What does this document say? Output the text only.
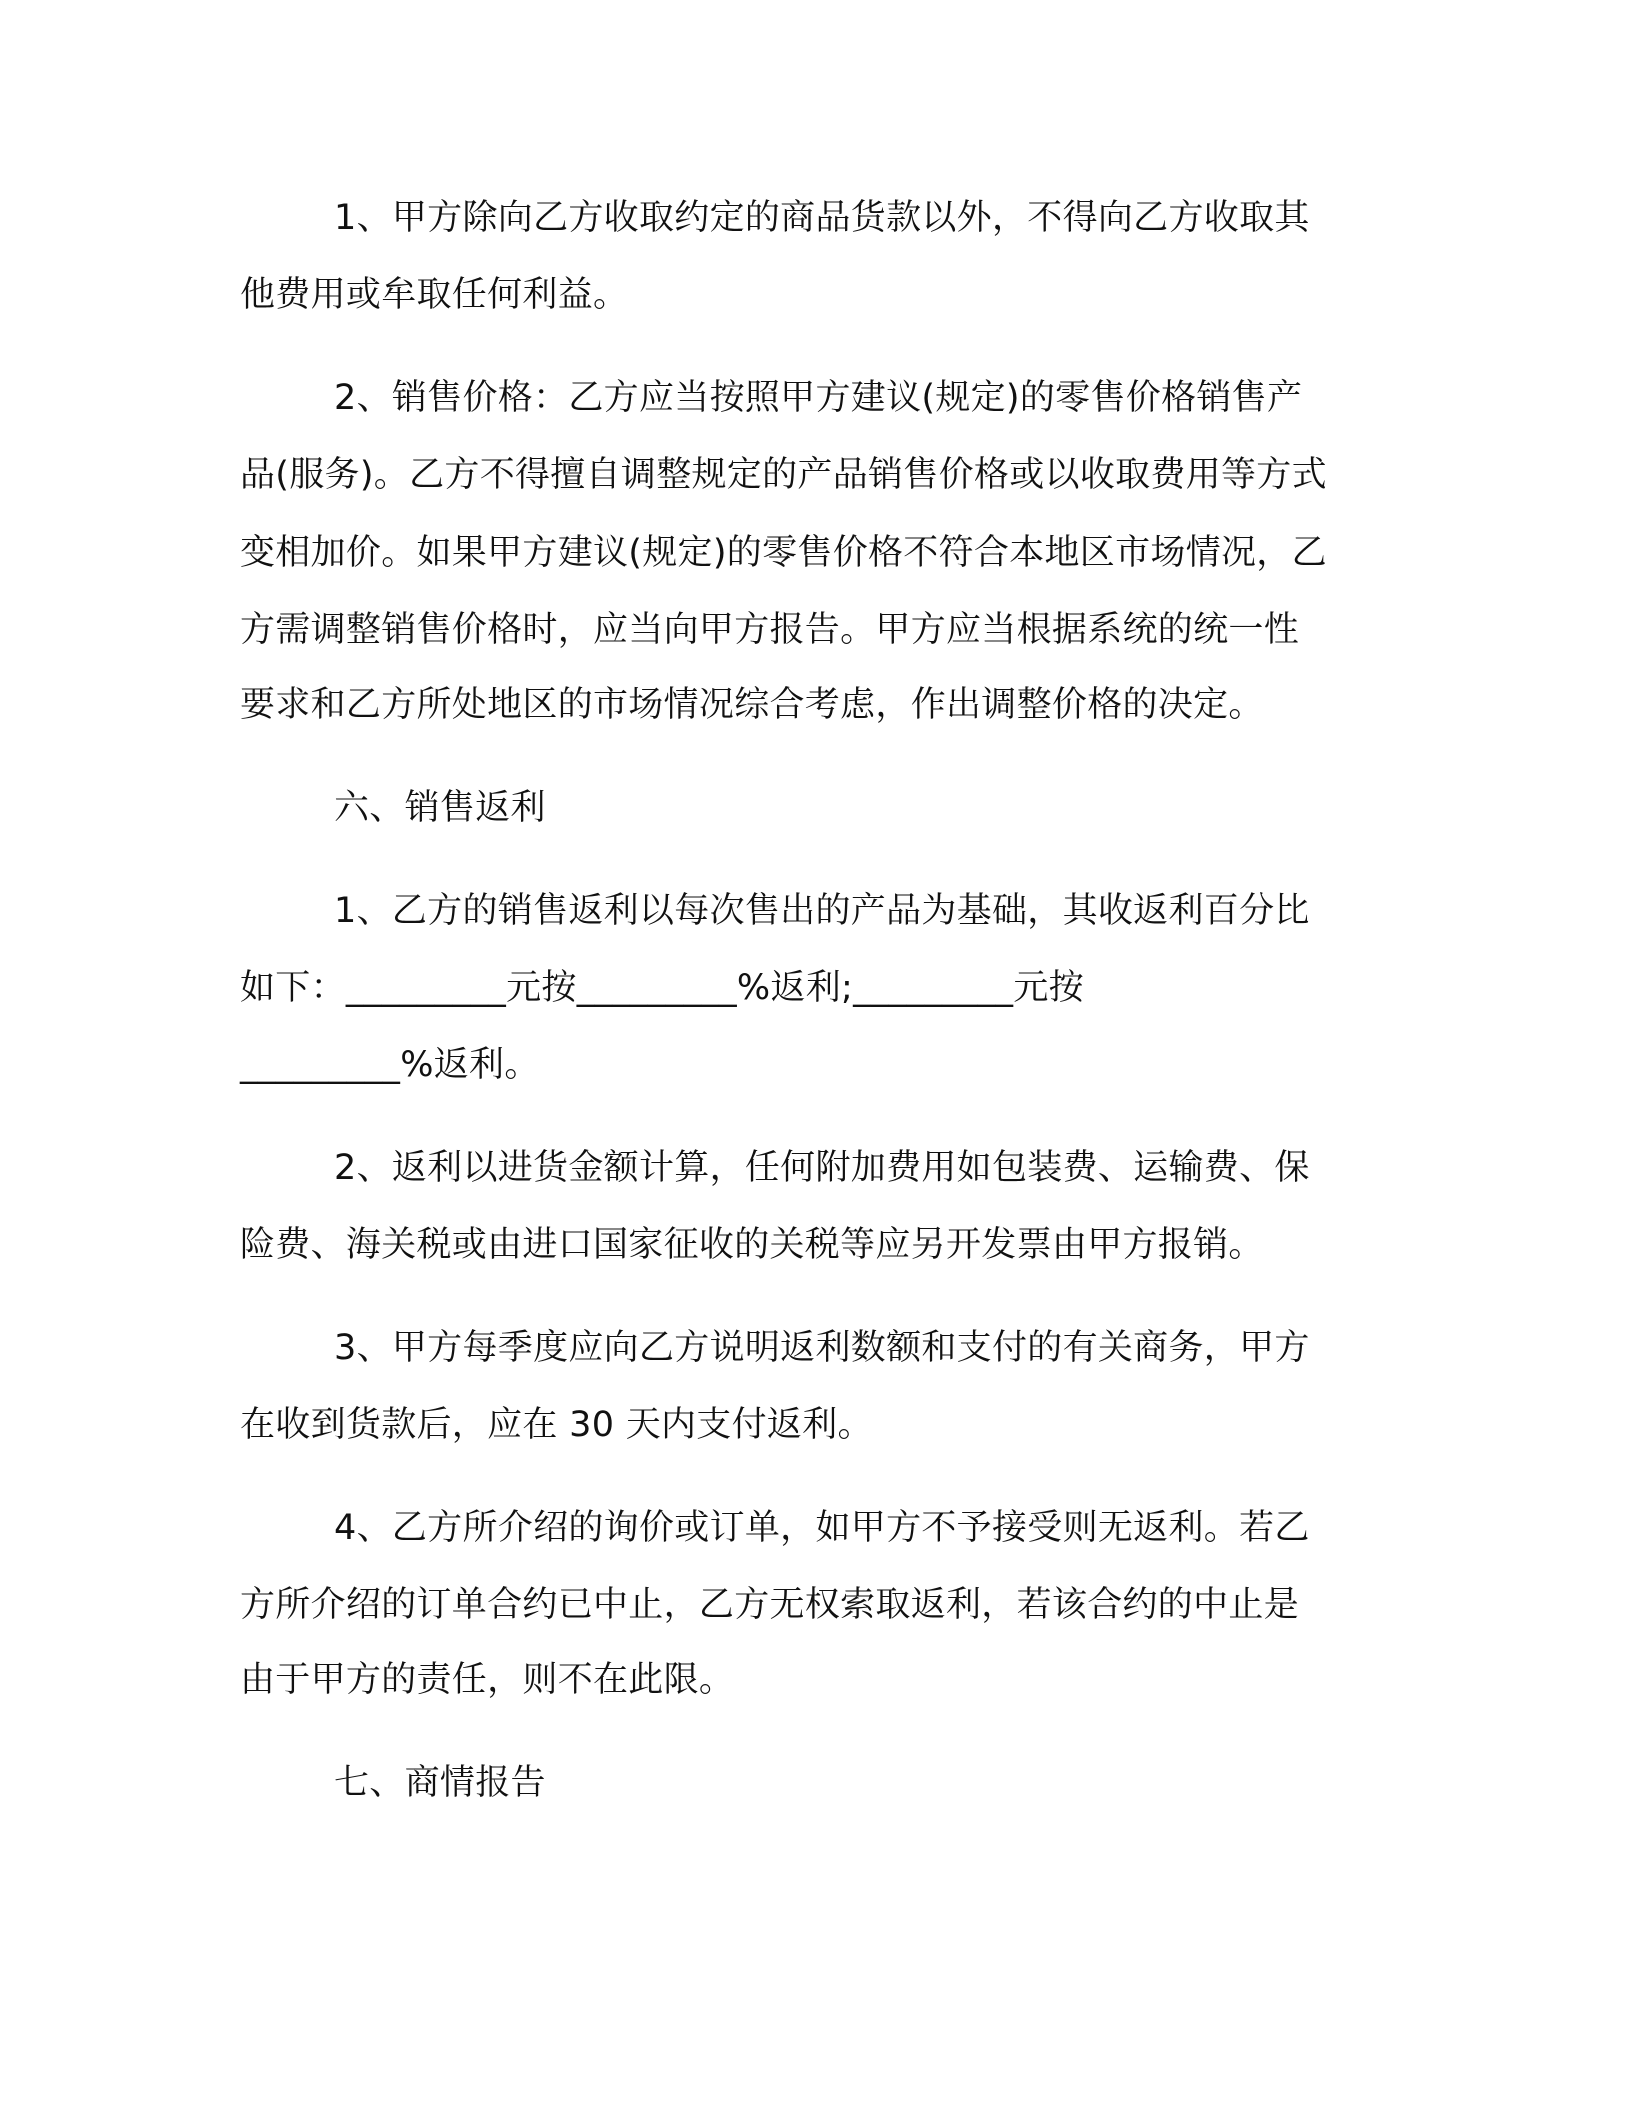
1、甲方除向乙方收取约定的商品货款以外，不得向乙方收取其

他费用或牟取任何利益。

2、销售价格：乙方应当按照甲方建议(规定)的零售价格销售产

品(服务)。乙方不得擅自调整规定的产品销售价格或以收取费用等方式

变相加价。如果甲方建议(规定)的零售价格不符合本地区市场情况，乙

方需调整销售价格时，应当向甲方报告。甲方应当根据系统的统一性

要求和乙方所处地区的市场情况综合考虑，作出调整价格的决定。

六、销售返利

1、乙方的销售返利以每次售出的产品为基础，其收返利百分比

如下：_________元按_________%返利;_________元按

_________%返利。

2、返利以进货金额计算，任何附加费用如包装费、运输费、保

险费、海关税或由进口国家征收的关税等应另开发票由甲方报销。

3、甲方每季度应向乙方说明返利数额和支付的有关商务，甲方

在收到货款后，应在 30 天内支付返利。

4、乙方所介绍的询价或订单，如甲方不予接受则无返利。若乙

方所介绍的订单合约已中止，乙方无权索取返利，若该合约的中止是

由于甲方的责任，则不在此限。

七、商情报告
